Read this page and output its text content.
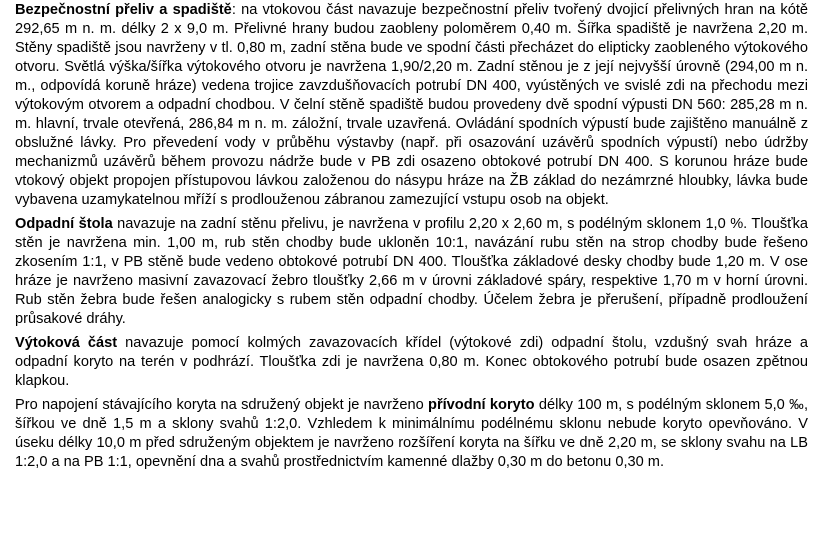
Bezpečnostní přeliv a spadiště: na vtokovou část navazuje bezpečnostní přeliv tvořený dvojicí přelivných hran na kótě 292,65 m n. m. délky 2 x 9,0 m. Přelivné hrany budou zaobleny poloměrem 0,40 m. Šířka spadiště je navržena 2,20 m. Stěny spadiště jsou navrženy v tl. 0,80 m, zadní stěna bude ve spodní části přecházet do elipticky zaobleného výtokového otvoru. Světlá výška/šířka výtokového otvoru je navržena 1,90/2,20 m. Zadní stěnou je z její nejvyšší úrovně (294,00 m n. m., odpovídá koruně hráze) vedena trojice zavzdušňovacích potrubí DN 400, vyústěných ve svislé zdi na přechodu mezi výtokovým otvorem a odpadní chodbou. V čelní stěně spadiště budou provedeny dvě spodní výpusti DN 560: 285,28 m n. m. hlavní, trvale otevřená, 286,84 m n. m. záložní, trvale uzavřená. Ovládání spodních výpustí bude zajištěno manuálně z obslužné lávky. Pro převedení vody v průběhu výstavby (např. při osazování uzávěrů spodních výpustí) nebo údržby mechanizmů uzávěrů během provozu nádrže bude v PB zdi osazeno obtokové potrubí DN 400. S korunou hráze bude vtokový objekt propojen přístupovou lávkou založenou do násypu hráze na ŽB základ do nezámrzné hloubky, lávka bude vybavena uzamykatelnou mříží s prodlouženou zábranou zamezující vstupu osob na objekt.

Odpadní štola navazuje na zadní stěnu přelivu, je navržena v profilu 2,20 x 2,60 m, s podélným sklonem 1,0 %. Tloušťka stěn je navržena min. 1,00 m, rub stěn chodby bude ukloněn 10:1, navázání rubu stěn na strop chodby bude řešeno zkosením 1:1, v PB stěně bude vedeno obtokové potrubí DN 400. Tloušťka základové desky chodby bude 1,20 m. V ose hráze je navrženo masivní zavazovací žebro tloušťky 2,66 m v úrovni základové spáry, respektive 1,70 m v horní úrovni. Rub stěn žebra bude řešen analogicky s rubem stěn odpadní chodby. Účelem žebra je přerušení, případně prodloužení průsakové dráhy.

Výtoková část navazuje pomocí kolmých zavazovacích křídel (výtokové zdi) odpadní štolu, vzdušný svah hráze a odpadní koryto na terén v podhrází. Tloušťka zdi je navržena 0,80 m. Konec obtokového potrubí bude osazen zpětnou klapkou.

Pro napojení stávajícího koryta na sdružený objekt je navrženo přívodní koryto délky 100 m, s podélným sklonem 5,0 ‰, šířkou ve dně 1,5 m a sklony svahů 1:2,0. Vzhledem k minimálnímu podélnému sklonu nebude koryto opevňováno. V úseku délky 10,0 m před sdruženým objektem je navrženo rozšíření koryta na šířku ve dně 2,20 m, se sklony svahu na LB 1:2,0 a na PB 1:1, opevnění dna a svahů prostřednictvím kamenné dlažby 0,30 m do betonu 0,30 m.
